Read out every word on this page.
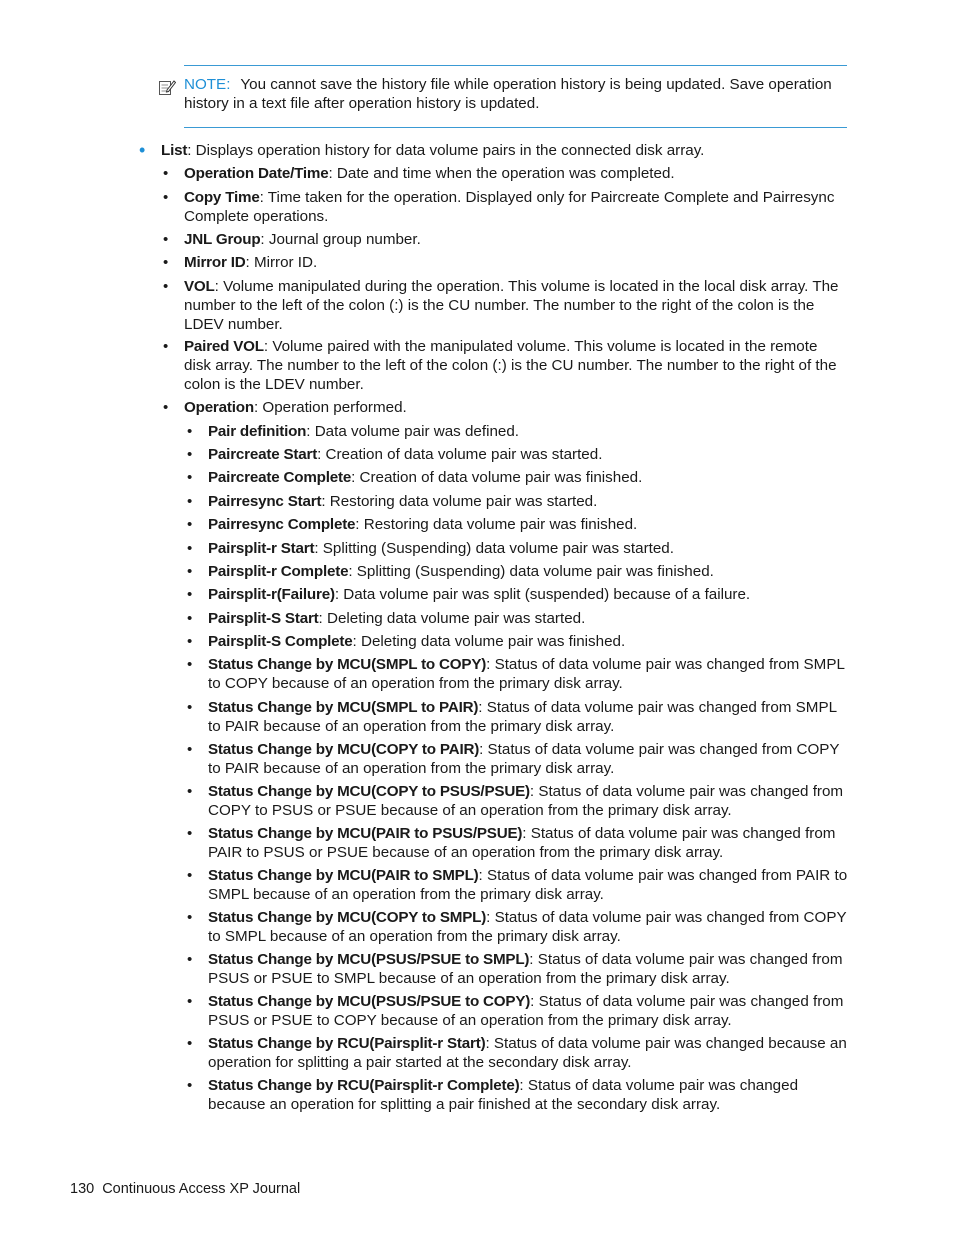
NOTE: You cannot save the history file while operation history is being updated. Save operation history in a text file after operation history is updated.
• List: Displays operation history for data volume pairs in the connected disk array.
• Operation Date/Time: Date and time when the operation was completed.
• Copy Time: Time taken for the operation. Displayed only for Paircreate Complete and Pairresync Complete operations.
• JNL Group: Journal group number.
• Mirror ID: Mirror ID.
• VOL: Volume manipulated during the operation. This volume is located in the local disk array. The number to the left of the colon (:) is the CU number. The number to the right of the colon is the LDEV number.
• Paired VOL: Volume paired with the manipulated volume. This volume is located in the remote disk array. The number to the left of the colon (:) is the CU number. The number to the right of the colon is the LDEV number.
• Operation: Operation performed.
• Pair definition: Data volume pair was defined.
• Paircreate Start: Creation of data volume pair was started.
• Paircreate Complete: Creation of data volume pair was finished.
• Pairresync Start: Restoring data volume pair was started.
• Pairresync Complete: Restoring data volume pair was finished.
• Pairsplit-r Start: Splitting (Suspending) data volume pair was started.
• Pairsplit-r Complete: Splitting (Suspending) data volume pair was finished.
• Pairsplit-r(Failure): Data volume pair was split (suspended) because of a failure.
• Pairsplit-S Start: Deleting data volume pair was started.
• Pairsplit-S Complete: Deleting data volume pair was finished.
• Status Change by MCU(SMPL to COPY): Status of data volume pair was changed from SMPL to COPY because of an operation from the primary disk array.
• Status Change by MCU(SMPL to PAIR): Status of data volume pair was changed from SMPL to PAIR because of an operation from the primary disk array.
• Status Change by MCU(COPY to PAIR): Status of data volume pair was changed from COPY to PAIR because of an operation from the primary disk array.
• Status Change by MCU(COPY to PSUS/PSUE): Status of data volume pair was changed from COPY to PSUS or PSUE because of an operation from the primary disk array.
• Status Change by MCU(PAIR to PSUS/PSUE): Status of data volume pair was changed from PAIR to PSUS or PSUE because of an operation from the primary disk array.
• Status Change by MCU(PAIR to SMPL): Status of data volume pair was changed from PAIR to SMPL because of an operation from the primary disk array.
• Status Change by MCU(COPY to SMPL): Status of data volume pair was changed from COPY to SMPL because of an operation from the primary disk array.
• Status Change by MCU(PSUS/PSUE to SMPL): Status of data volume pair was changed from PSUS or PSUE to SMPL because of an operation from the primary disk array.
• Status Change by MCU(PSUS/PSUE to COPY): Status of data volume pair was changed from PSUS or PSUE to COPY because of an operation from the primary disk array.
• Status Change by RCU(Pairsplit-r Start): Status of data volume pair was changed because an operation for splitting a pair started at the secondary disk array.
• Status Change by RCU(Pairsplit-r Complete): Status of data volume pair was changed because an operation for splitting a pair finished at the secondary disk array.
130 Continuous Access XP Journal
